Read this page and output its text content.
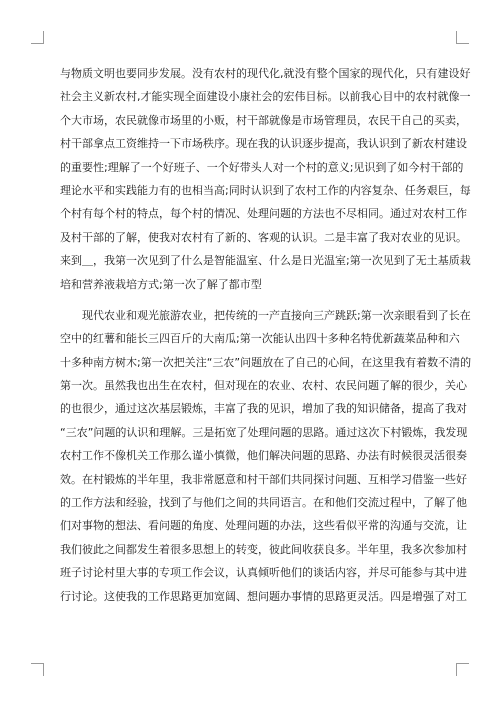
与物质文明也要同步发展。没有农村的现代化,就没有整个国家的现代化，只有建设好
社会主义新农村,才能实现全面建设小康社会的宏伟目标。以前我心目中的农村就像一
个大市场，农民就像市场里的小贩，村干部就像是市场管理员，农民干自己的买卖，
村干部拿点工资维持一下市场秩序。现在我的认识逐步提高，我认识到了新农村建设
的重要性;理解了一个好班子、一个好带头人对一个村的意义;见识到了如今村干部的
理论水平和实践能力有的也相当高;同时认识到了农村工作的内容复杂、任务艰巨，每
个村有每个村的特点，每个村的情况、处理问题的方法也不尽相同。通过对农村工作
及村干部的了解，使我对农村有了新的、客观的认识。二是丰富了我对农业的见识。
来到＿，我第一次见到了什么是智能温室、什么是日光温室;第一次见到了无土基质栽
培和营养液栽培方式;第一次了解了都市型
　　现代农业和观光旅游农业，把传统的一产直接向三产跳跃;第一次亲眼看到了长在
空中的红薯和能长三四百斤的大南瓜;第一次能认出四十多种名特优新蔬菜品种和六
十多种南方树木;第一次把关注“三农”问题放在了自己的心间，在这里我有着数不清的
第一次。虽然我也出生在农村，但对现在的农业、农村、农民问题了解的很少，关心
的也很少，通过这次基层锻炼，丰富了我的见识，增加了我的知识储备，提高了我对
“三农”问题的认识和理解。三是拓宽了处理问题的思路。通过这次下村锻炼，我发现
农村工作不像机关工作那么谨小慎微，他们解决问题的思路、办法有时候很灵活很奏
效。在村锻炼的半年里，我非常愿意和村干部们共同探讨问题、互相学习借鉴一些好
的工作方法和经验，找到了与他们之间的共同语言。在和他们交流过程中，了解了他
们对事物的想法、看问题的角度、处理问题的办法，这些看似平常的沟通与交流，让
我们彼此之间都发生着很多思想上的转变，彼此间收获良多。半年里，我多次参加村
班子讨论村里大事的专项工作会议，认真倾听他们的谈话内容，并尽可能参与其中进
行讨论。这使我的工作思路更加宽阔、想问题办事情的思路更灵活。四是增强了对工
